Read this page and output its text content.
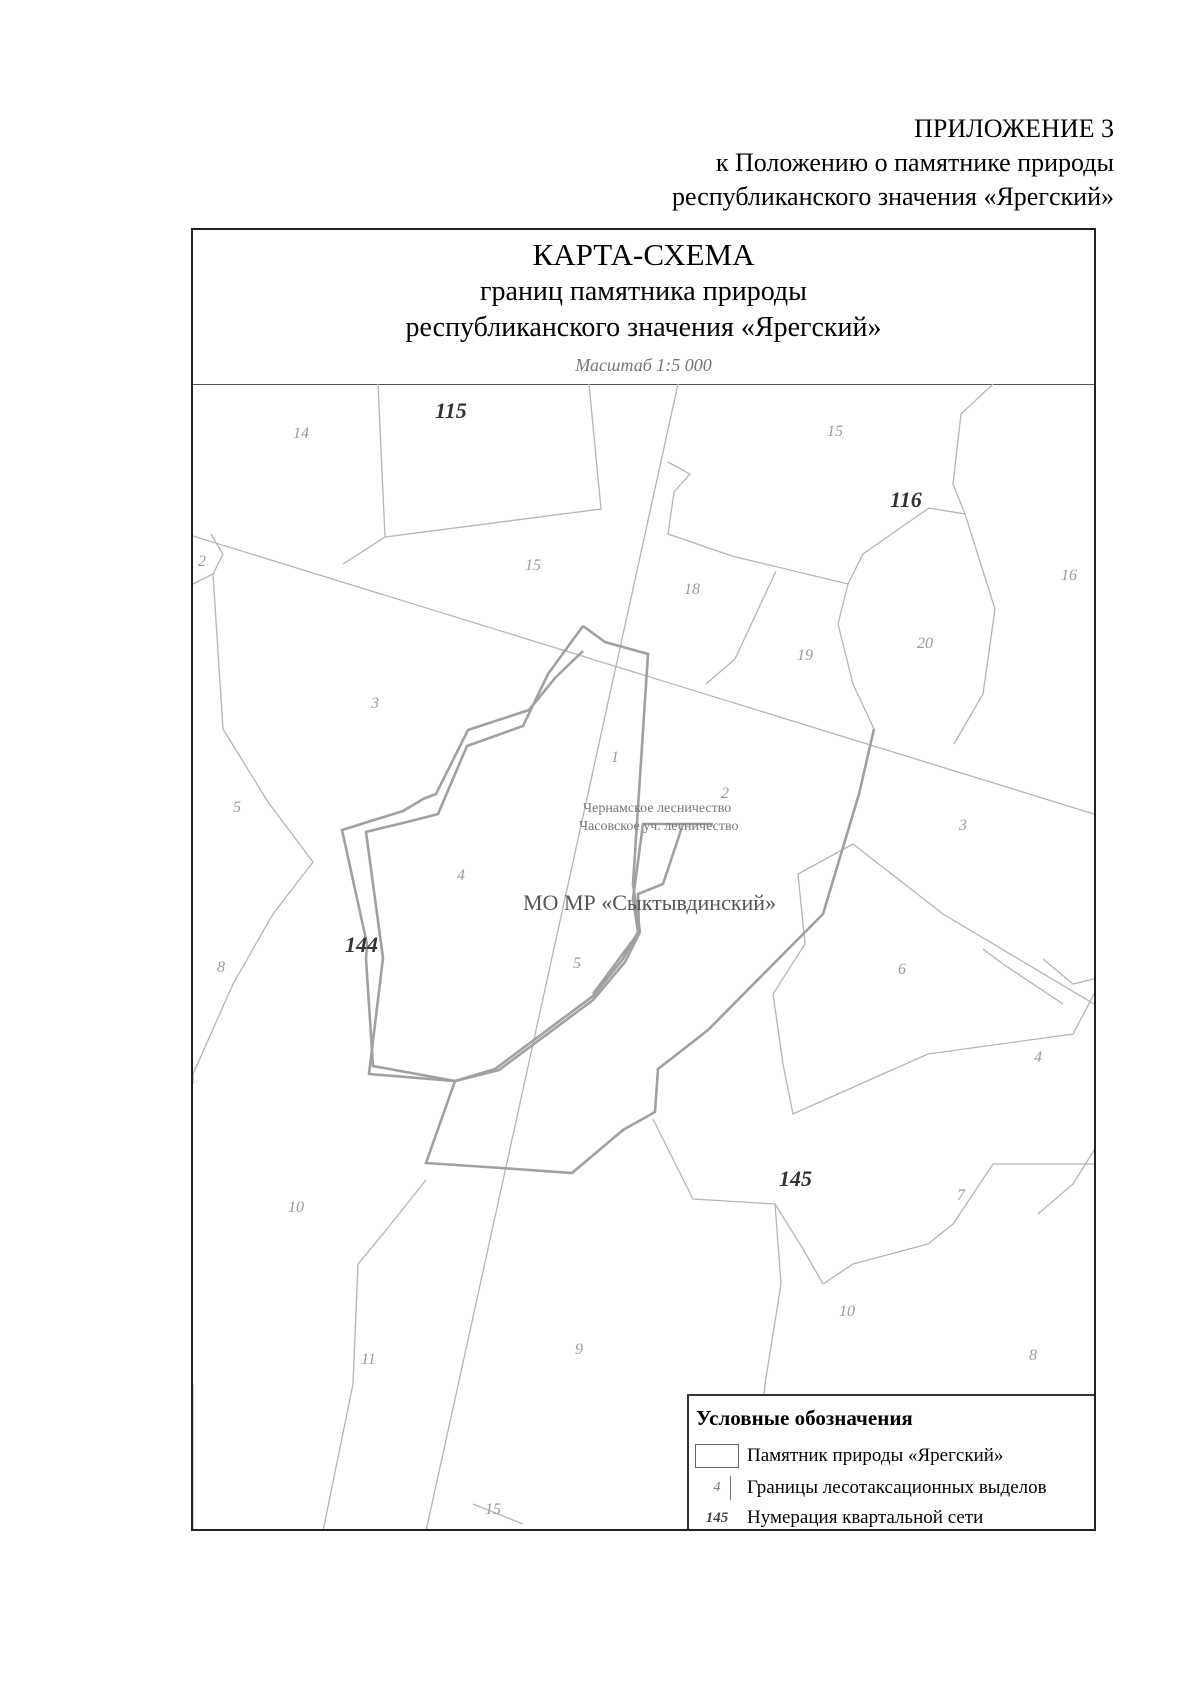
ПРИЛОЖЕНИЕ 3
к Положению о памятнике природы
республиканского значения «Ярегский»
КАРТА-СХЕМА
границ памятника природы
республиканского значения «Ярегский»
Масштаб 1:5 000
14	15
15
16
18
19
20
2
2
3
1
5
3
4
8	5	6
4
7
10
10
11
9	8
15
115
116
144
145
Чернамское лесничество
Часовское уч. лесничество
МО МР «Сыктывдинский»
Условные обозначения
Памятник природы «Ярегский»
4	Границы лесотаксационных выделов
145 Нумерация квартальной сети
